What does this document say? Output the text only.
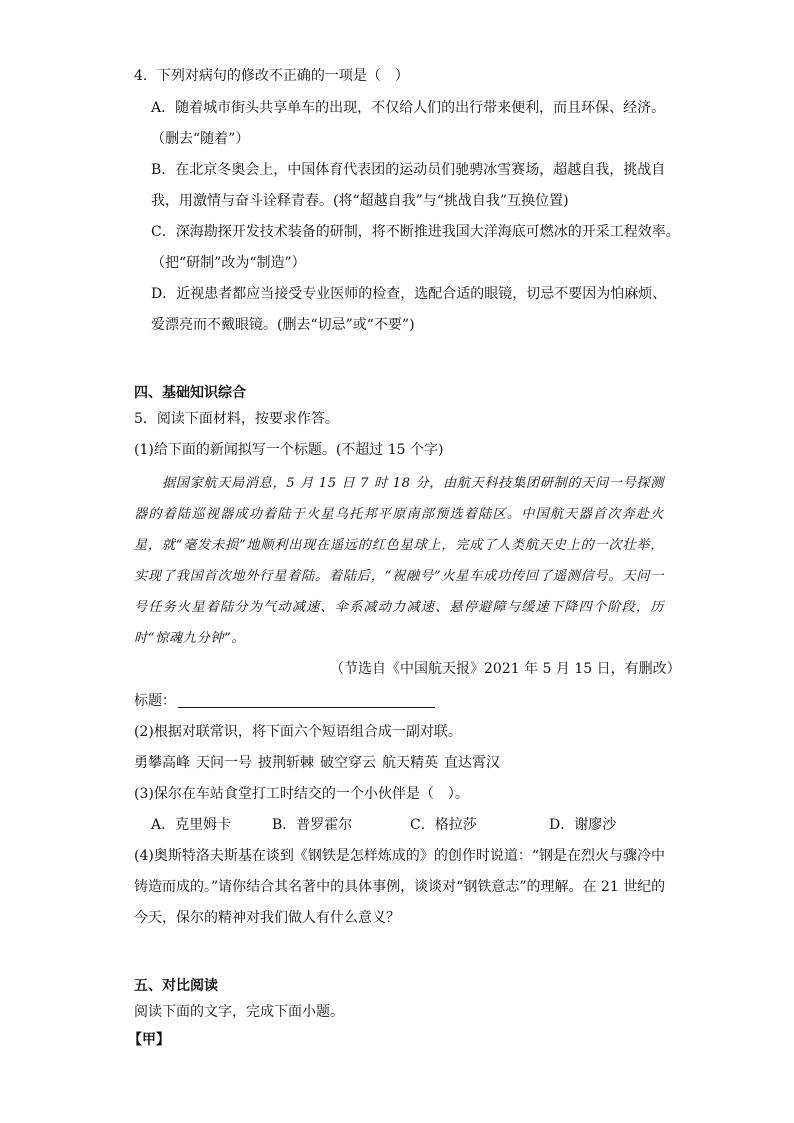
4．下列对病句的修改不正确的一项是（　）
A．随着城市街头共享单车的出现，不仅给人们的出行带来便利，而且环保、经济。
（删去“随着”）
B．在北京冬奥会上，中国体育代表团的运动员们驰骋冰雪赛场，超越自我，挑战自
我，用激情与奋斗诠释青春。(将“超越自我”与“挑战自我”互换位置)
C．深海勘探开发技术装备的研制，将不断推进我国大洋海底可燃冰的开采工程效率。
（把“研制”改为“制造”）
D．近视患者都应当接受专业医师的检查，选配合适的眼镜，切忌不要因为怕麻烦、
爱漂亮而不戴眼镜。(删去“切忌”或“不要”)
四、基础知识综合
5．阅读下面材料，按要求作答。
(1)给下面的新闻拟写一个标题。(不超过 15 个字)

据国家航天局消息，5 月 15 日 7 时 18 分，由航天科技集团研制的天问一号探测器的着陆巡视器成功着陆于火星乌托邦平原南部预选着陆区。中国航天器首次奔赴火星，就“毫发未损”地顺利出现在遥远的红色星球上，完成了人类航天史上的一次壮举，实现了我国首次地外行星着陆。着陆后，“祝融号”火星车成功传回了遥测信号。天问一号任务火星着陆分为气动减速、伞系减动力减速、悬停避障与缓速下降四个阶段，历时“惊魂九分钟”。

（节选自《中国航天报》2021 年 5 月 15 日，有删改）
标题：
(2)根据对联常识，将下面六个短语组合成一副对联。
勇攀高峰 天问一号 披荆斩棘 破空穿云 航天精英 直达霄汉
(3)保尔在车站食堂打工时结交的一个小伙伴是（　）。
A．克里姆卡	B．普罗霍尔	C．格拉莎	D．谢廖沙
(4)奥斯特洛夫斯基在谈到《钢铁是怎样炼成的》的创作时说道：“钢是在烈火与骤冷中
铸造而成的。”请你结合其名著中的具体事例，谈谈对“钢铁意志”的理解。在 21 世纪的
今天，保尔的精神对我们做人有什么意义？
五、对比阅读
阅读下面的文字，完成下面小题。
【甲】
